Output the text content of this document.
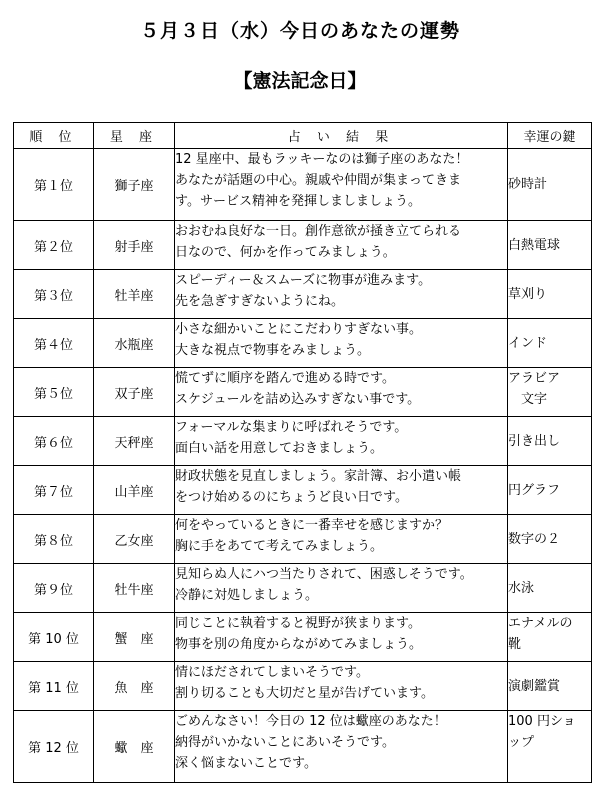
５月３日（水）今日のあなたの運勢
【憲法記念日】
順 位	星 座	占 い 結 果	幸運の鍵
第１位	獅子座	12 星座中、最もラッキーなのは獅子座のあなた！
あなたが話題の中心。親戚や仲間が集まってきま
す。サービス精神を発揮しましましょう。	砂時計

第２位	射手座	おおむね良好な一日。創作意欲が掻き立てられる
日なので、何かを作ってみましょう。	白熱電球

第３位	牡羊座	スピーディー＆スムーズに物事が進みます。
先を急ぎすぎないようにね。	草刈り

第４位	水瓶座	小さな細かいことにこだわりすぎない事。
大きな視点で物事をみましょう。	インド

第５位	双子座	慌てずに順序を踏んで進める時です。
スケジュールを詰め込みすぎない事です。	アラビア
　文字

第６位	天秤座	フォーマルな集まりに呼ばれそうです。
面白い話を用意しておきましょう。	引き出し

第７位	山羊座	財政状態を見直しましょう。家計簿、お小遣い帳
をつけ始めるのにちょうど良い日です。	円グラフ

第８位	乙女座	何をやっているときに一番幸せを感じますか？
胸に手をあてて考えてみましょう。	数字の２

第９位	牡牛座	見知らぬ人にハつ当たりされて、困惑しそうです。
冷静に対処しましょう。	水泳

第 10 位	蟹　座	同じことに執着すると視野が狭まります。
物事を別の角度からながめてみましょう。	エナメルの
靴

第 11 位	魚　座	情にほだされてしまいそうです。
割り切ることも大切だと星が告げています。	演劇鑑賞

第 12 位	蠍　座	ごめんなさい！今日の 12 位は蠍座のあなた！
納得がいかないことにあいそうです。
深く悩まないことです。	100 円ショ
ップ
